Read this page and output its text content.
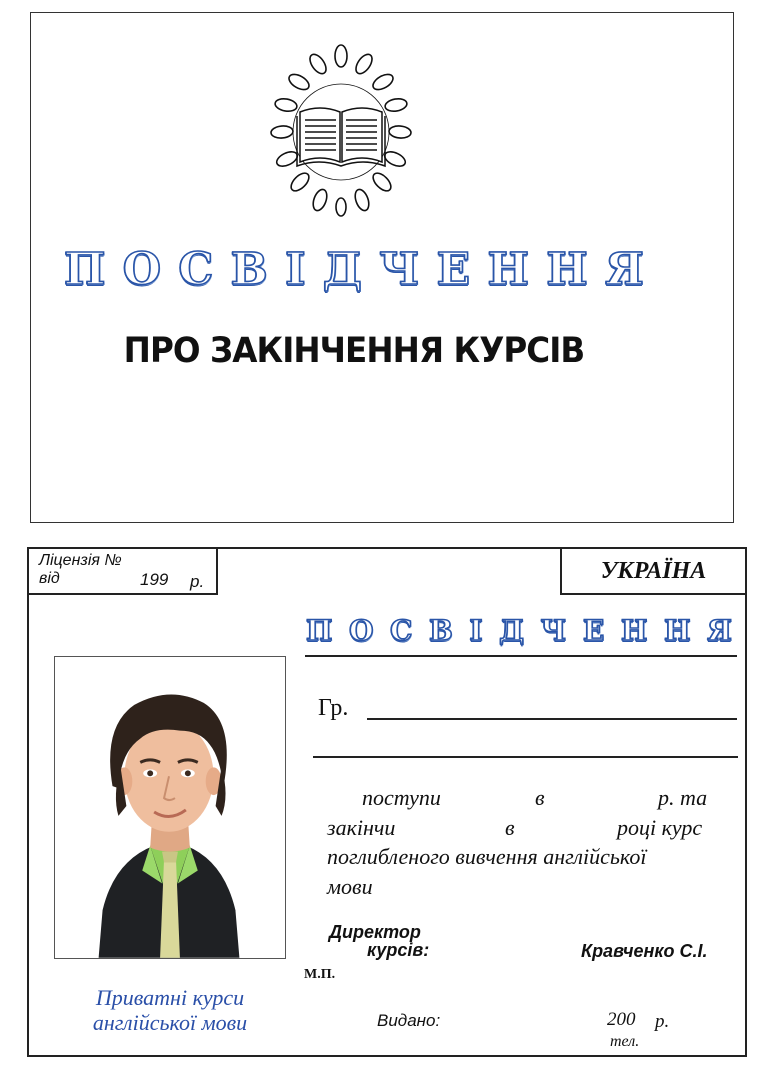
П О С В І Д Ч Е Н Н Я
ПРО ЗАКІНЧЕННЯ КУРСІВ
Ліцензія №
від	199 р.	УКРАЇНА
П О С В І Д Ч Е Н Н Я
Гр.
поступи	в	р. та
закінчи	в	році курс
поглибленого вивчення англійської
мови
Директор
курсів:	Кравченко С.І.
М.П.
Приватні курси
англійської мови	Видано:	200 р.
тел.
